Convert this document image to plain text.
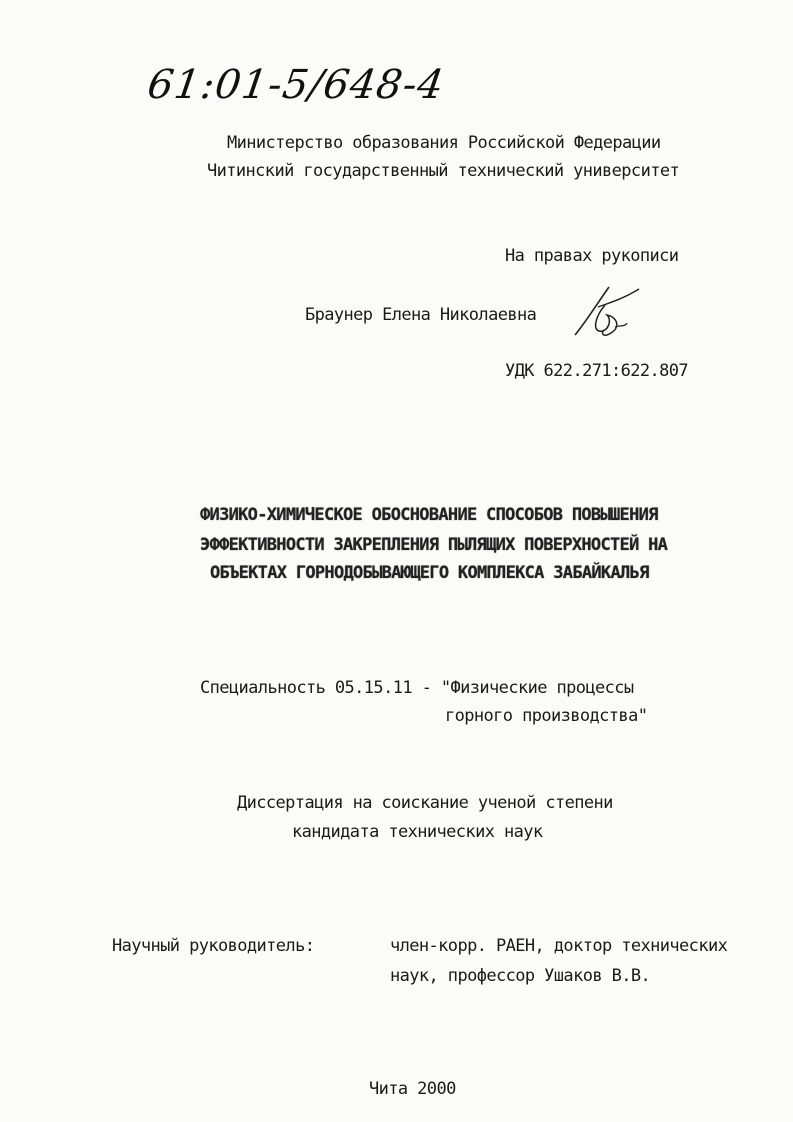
61:01-5/648-4
Министерство образования Российской Федерации
Читинский государственный технический университет
На правах рукописи
Браунер Елена Николаевна
УДК 622.271:622.807
ФИЗИКО-ХИМИЧЕСКОЕ ОБОСНОВАНИЕ СПОСОБОВ ПОВЫШЕНИЯ
ЭФФЕКТИВНОСТИ ЗАКРЕПЛЕНИЯ ПЫЛЯЩИХ ПОВЕРХНОСТЕЙ НА
ОБЪЕКТАХ ГОРНОДОБЫВАЮЩЕГО КОМПЛЕКСА ЗАБАЙКАЛЬЯ
Специальность 05.15.11 - "Физические процессы
горного производства"
Диссертация на соискание ученой степени
кандидата технических наук
Научный руководитель:	член-корр. РАЕН, доктор технических
наук, профессор Ушаков В.В.
Чита 2000
